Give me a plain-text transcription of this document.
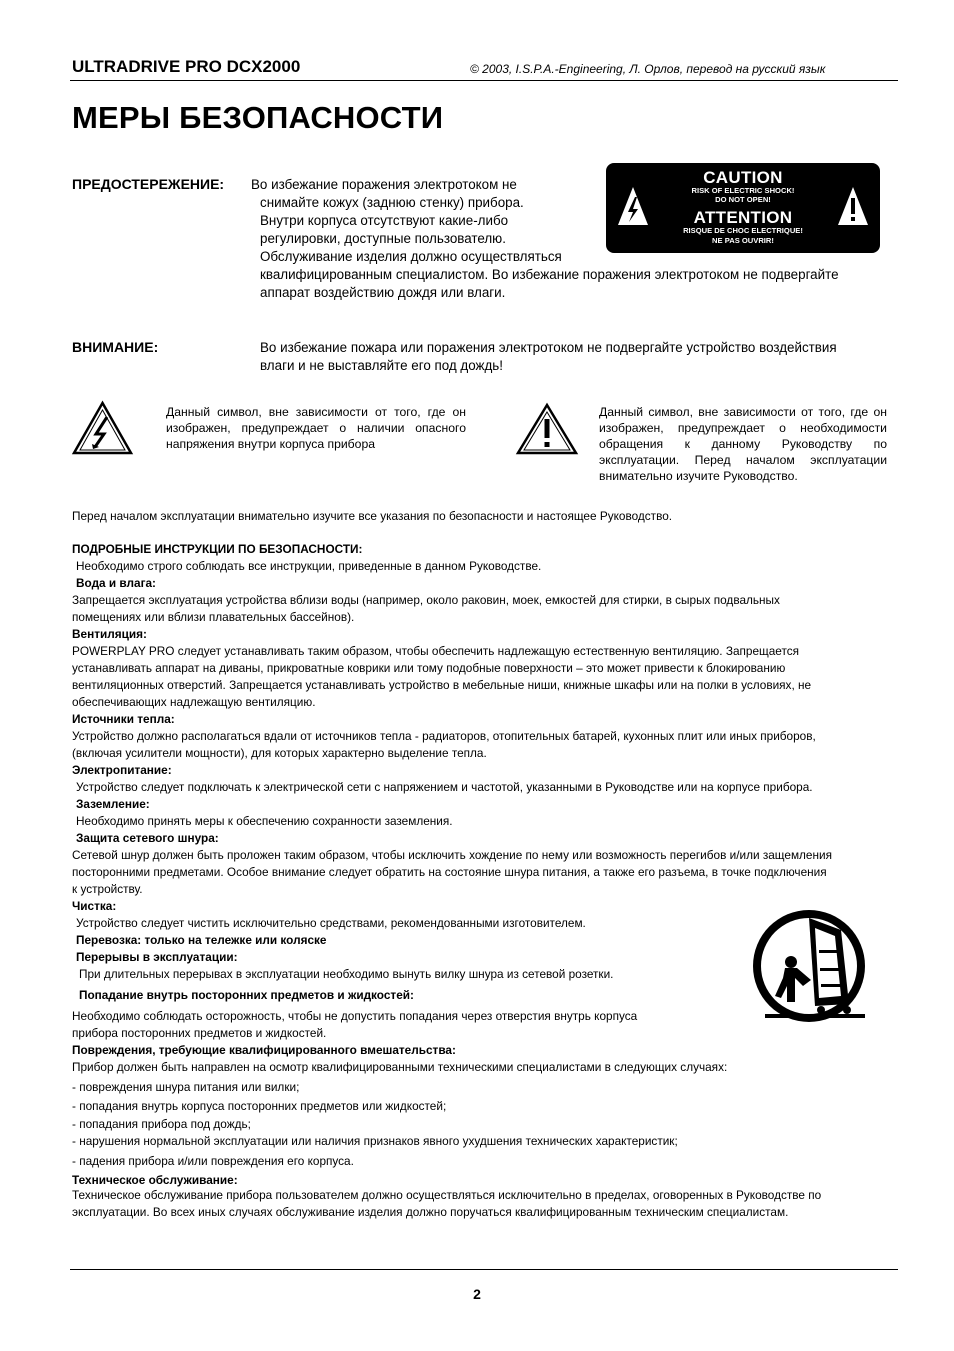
ULTRADRIVE PRO DCX2000	© 2003, I.S.P.A.-Engineering, Л. Орлов, перевод на русский язык
МЕРЫ БЕЗОПАСНОСТИ
ПРЕДОСТЕРЕЖЕНИЕ: Во избежание поражения электротоком не
снимайте кожух (заднюю стенку) прибора.
Внутри корпуса отсутствуют какие-либо
регулировки, доступные пользователю.
Обслуживание изделия должно осуществляться
квалифицированным специалистом. Во избежание поражения электротоком не подвергайте
аппарат воздействию дождя или влаги.
CAUTION
RISK OF ELECTRIC SHOCK!
DO NOT OPEN!
ATTENTION
RISQUE DE CHOC ELECTRIQUE!
NE PAS OUVRIR!
ВНИМАНИЕ:	Во избежание пожара или поражения электротоком не подвергайте устройство воздействия
влаги и не выставляйте его под дождь!
Данный символ, вне зависимости от того, где он изображен, предупреждает о наличии опасного напряжения внутри корпуса прибора
Данный символ, вне зависимости от того, где он изображен, предупреждает о необходимости обращения к данному Руководству по эксплуатации. Перед началом эксплуатации внимательно изучите Руководство.
Перед началом эксплуатации внимательно изучите все указания по безопасности и настоящее Руководство.
ПОДРОБНЫЕ ИНСТРУКЦИИ ПО БЕЗОПАСНОСТИ:
Необходимо строго соблюдать все инструкции, приведенные в данном Руководстве.
Вода и влага:
Запрещается эксплуатация устройства вблизи воды (например, около раковин, моек, емкостей для стирки, в сырых подвальных
помещениях или вблизи плавательных бассейнов).
Вентиляция:
POWERPLAY PRO следует устанавливать таким образом, чтобы обеспечить надлежащую естественную вентиляцию. Запрещается
устанавливать аппарат на диваны, прикроватные коврики или тому подобные поверхности – это может привести к блокированию
вентиляционных отверстий. Запрещается устанавливать устройство в мебельные ниши, книжные шкафы или на полки в условиях, не
обеспечивающих надлежащую вентиляцию.
Источники тепла:
Устройство должно располагаться вдали от источников тепла - радиаторов, отопительных батарей, кухонных плит или иных приборов,
(включая усилители мощности), для которых характерно выделение тепла.
Электропитание:
Устройство следует подключать к электрической сети с напряжением и частотой, указанными в Руководстве или на корпусе прибора.
Заземление:
Необходимо принять меры к обеспечению сохранности заземления.
Защита сетевого шнура:
Сетевой шнур должен быть проложен таким образом, чтобы исключить хождение по нему или возможность перегибов и/или защемления
посторонними предметами. Особое внимание следует обратить на состояние шнура питания, а также его разъема, в точке подключения
к устройству.
Чистка:
Устройство следует чистить исключительно средствами, рекомендованными изготовителем.
Перевозка: только на тележке или коляске
Перерывы в эксплуатации:
При длительных перерывах в эксплуатации необходимо вынуть вилку шнура из сетевой розетки.
Попадание внутрь посторонних предметов и жидкостей:
Необходимо соблюдать осторожность, чтобы не допустить попадания через отверстия внутрь корпуса
прибора посторонних предметов и жидкостей.
Повреждения, требующие квалифицированного вмешательства:
Прибор должен быть направлен на осмотр квалифицированными техническими специалистами в следующих случаях:
- повреждения шнура питания или вилки;
- попадания внутрь корпуса посторонних предметов или жидкостей;
- попадания прибора под дождь;
- нарушения нормальной эксплуатации или наличия признаков явного ухудшения технических характеристик;
- падения прибора и/или повреждения его корпуса.
Техническое обслуживание:
Техническое обслуживание прибора пользователем должно осуществляться исключительно в пределах, оговоренных в Руководстве по
эксплуатации. Во всех иных случаях обслуживание изделия должно поручаться квалифицированным техническим специалистам.
2
